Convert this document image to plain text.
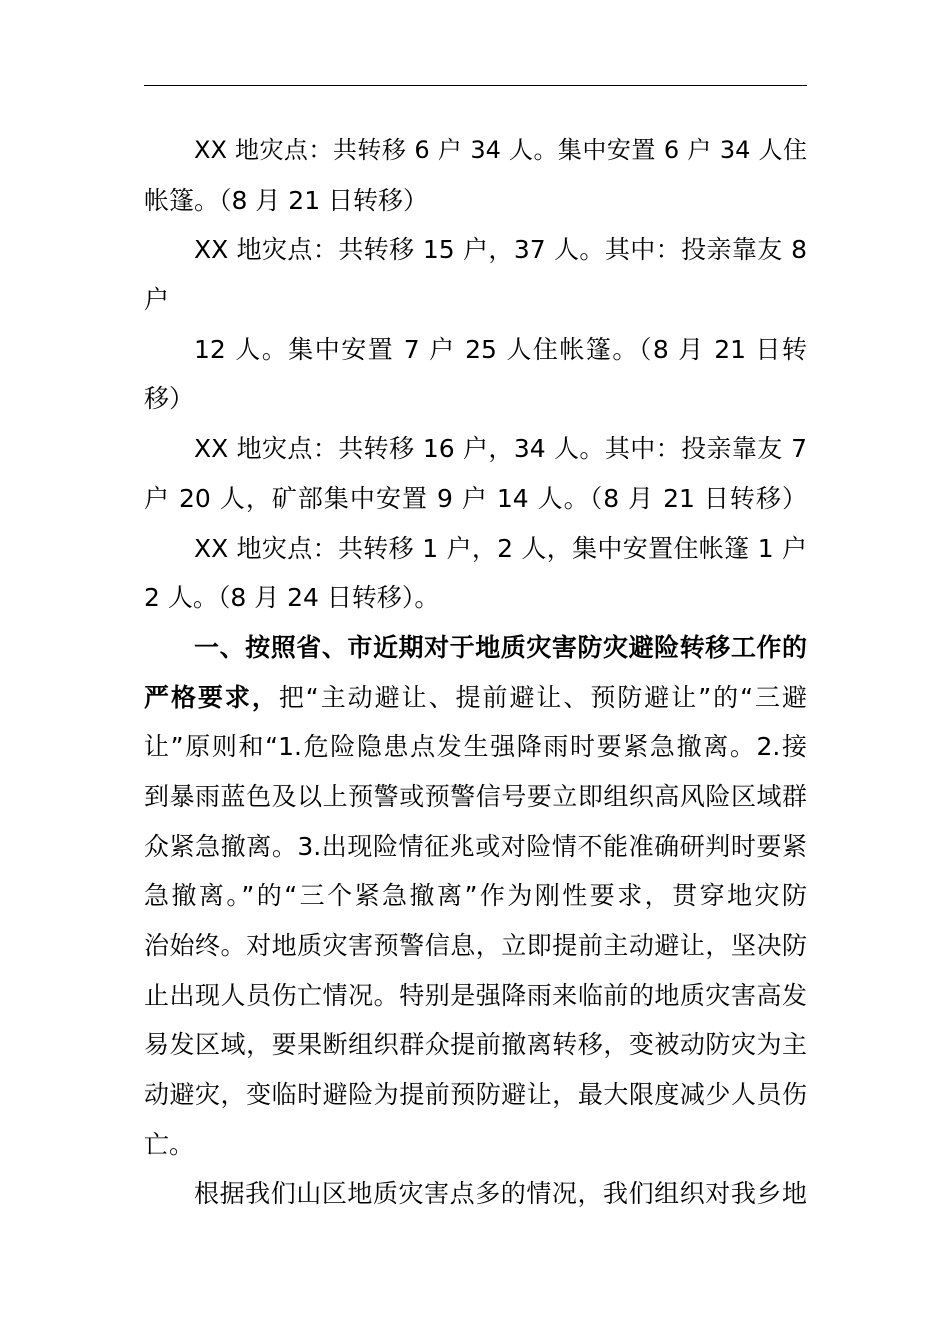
XX 地灾点：共转移 6 户 34 人。集中安置 6 户 34 人住
帐篷。（8 月 21 日转移）
XX 地灾点：共转移 15 户，37 人。其中：投亲靠友 8
户
12 人。集中安置 7 户 25 人住帐篷。（8 月 21 日转
移）
XX 地灾点：共转移 16 户，34 人。其中：投亲靠友 7
户 20 人，矿部集中安置 9 户 14 人。（8 月 21 日转移）
XX 地灾点：共转移 1 户，2 人，集中安置住帐篷 1 户
2 人。（8 月 24 日转移）。
一、按照省、市近期对于地质灾害防灾避险转移工作的
严格要求，把“主动避让、提前避让、预防避让”的“三避
让”原则和“1.危险隐患点发生强降雨时要紧急撤离。2.接
到暴雨蓝色及以上预警或预警信号要立即组织高风险区域群
众紧急撤离。3.出现险情征兆或对险情不能准确研判时要紧
急撤离。”的“三个紧急撤离”作为刚性要求，贯穿地灾防
治始终。对地质灾害预警信息，立即提前主动避让，坚决防
止出现人员伤亡情况。特别是强降雨来临前的地质灾害高发
易发区域，要果断组织群众提前撤离转移，变被动防灾为主
动避灾，变临时避险为提前预防避让，最大限度减少人员伤
亡。
根据我们山区地质灾害点多的情况，我们组织对我乡地
